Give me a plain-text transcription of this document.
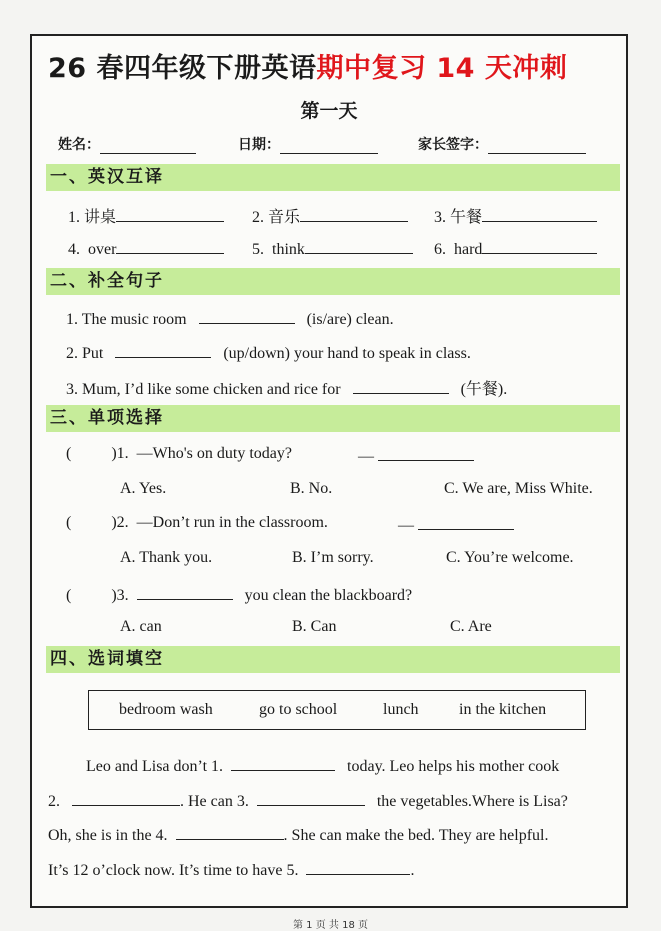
26 春四年级下册英语期中复习 14 天冲刺
第一天
姓名：	日期：	家长签字：
一、英汉互译
1. 讲桌	2. 音乐	3. 午餐
4. over	5. think	6. hard
二、补全句子
1. The music room	(is/are) clean.
2. Put	(up/down) your hand to speak in class.
3. Mum, I’d like some chicken and rice for	(午餐).
三、单项选择
(	)1. —Who's on duty today?	—
A. Yes.	B. No.	C. We are, Miss White.
(	)2. —Don’t run in the classroom.	—
A. Thank you.	B. I’m sorry.	C. You’re welcome.
(	)3.	you clean the blackboard?
A. can	B. Can	C. Are
四、选词填空
bedroom wash	go to school	lunch	in the kitchen
Leo and Lisa don’t 1.	today. Leo helps his mother cook
2.	. He can 3.	the vegetables.Where is Lisa?
Oh, she is in the 4.	. She can make the bed. They are helpful.
It’s 12 o’clock now. It’s time to have 5.	.
第 1 页 共 18 页
